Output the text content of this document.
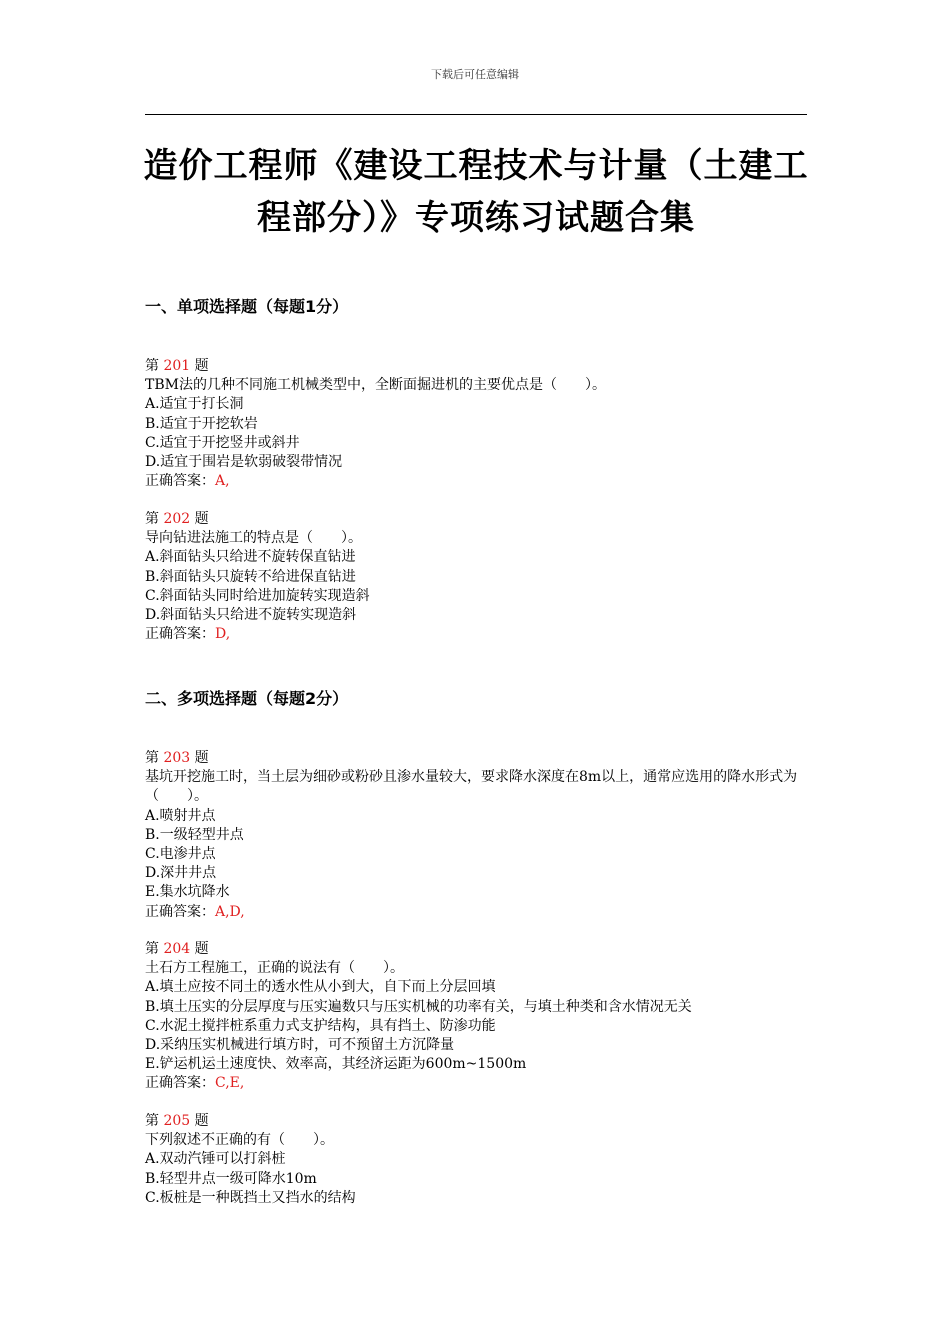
下载后可任意编辑
造价工程师《建设工程技术与计量（土建工程部分）》专项练习试题合集
一、单项选择题（每题1分）
第 201 题
TBM法的几种不同施工机械类型中，全断面掘进机的主要优点是（　　）。
A.适宜于打长洞
B.适宜于开挖软岩
C.适宜于开挖竖井或斜井
D.适宜于围岩是软弱破裂带情况
正确答案：A,
第 202 题
导向钻进法施工的特点是（　　）。
A.斜面钻头只给进不旋转保直钻进
B.斜面钻头只旋转不给进保直钻进
C.斜面钻头同时给进加旋转实现造斜
D.斜面钻头只给进不旋转实现造斜
正确答案：D,
二、多项选择题（每题2分）
第 203 题
基坑开挖施工时，当土层为细砂或粉砂且渗水量较大，要求降水深度在8m以上，通常应选用的降水形式为（　　）。
A.喷射井点
B.一级轻型井点
C.电渗井点
D.深井井点
E.集水坑降水
正确答案：A,D,
第 204 题
土石方工程施工，正确的说法有（　　）。
A.填土应按不同土的透水性从小到大，自下而上分层回填
B.填土压实的分层厚度与压实遍数只与压实机械的功率有关，与填土种类和含水情况无关
C.水泥土搅拌桩系重力式支护结构，具有挡土、防渗功能
D.采纳压实机械进行填方时，可不预留土方沉降量
E.铲运机运土速度快、效率高，其经济运距为600m~1500m
正确答案：C,E,
第 205 题
下列叙述不正确的有（　　）。
A.双动汽锤可以打斜桩
B.轻型井点一级可降水10m
C.板桩是一种既挡土又挡水的结构
